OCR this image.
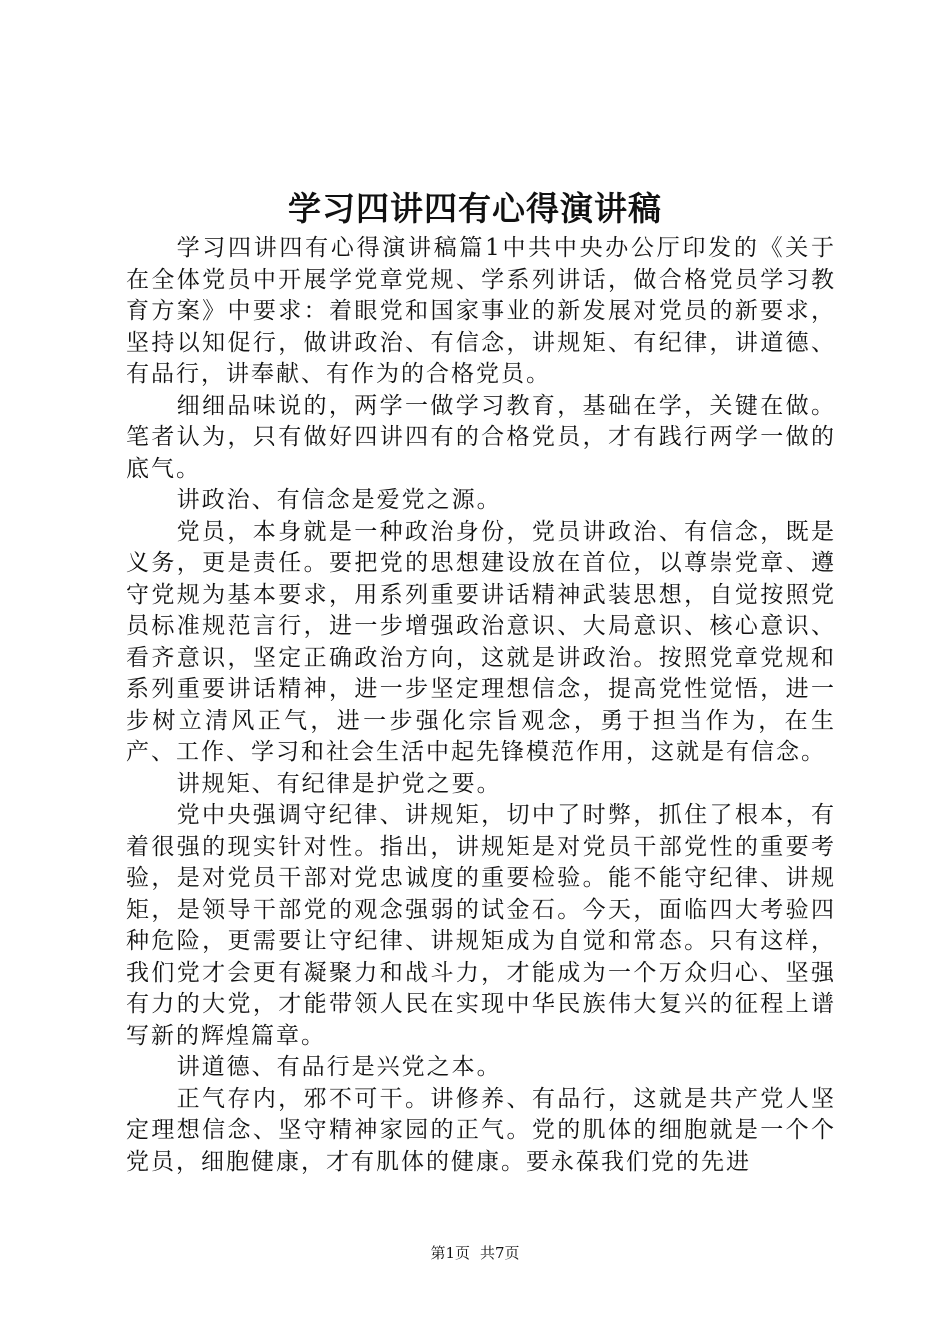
学习四讲四有心得演讲稿

学习四讲四有心得演讲稿篇1中共中央办公厅印发的《关于在全体党员中开展学党章党规、学系列讲话，做合格党员学习教育方案》中要求：着眼党和国家事业的新发展对党员的新要求，坚持以知促行，做讲政治、有信念，讲规矩、有纪律，讲道德、有品行，讲奉献、有作为的合格党员。

细细品味说的，两学一做学习教育，基础在学，关键在做。笔者认为，只有做好四讲四有的合格党员，才有践行两学一做的底气。

讲政治、有信念是爱党之源。

党员，本身就是一种政治身份，党员讲政治、有信念，既是义务，更是责任。要把党的思想建设放在首位，以尊崇党章、遵守党规为基本要求，用系列重要讲话精神武装思想，自觉按照党员标准规范言行，进一步增强政治意识、大局意识、核心意识、看齐意识，坚定正确政治方向，这就是讲政治。按照党章党规和系列重要讲话精神，进一步坚定理想信念，提高党性觉悟，进一步树立清风正气，进一步强化宗旨观念，勇于担当作为，在生产、工作、学习和社会生活中起先锋模范作用，这就是有信念。

讲规矩、有纪律是护党之要。

党中央强调守纪律、讲规矩，切中了时弊，抓住了根本，有着很强的现实针对性。指出，讲规矩是对党员干部党性的重要考验，是对党员干部对党忠诚度的重要检验。能不能守纪律、讲规矩，是领导干部党的观念强弱的试金石。今天，面临四大考验四种危险，更需要让守纪律、讲规矩成为自觉和常态。只有这样，我们党才会更有凝聚力和战斗力，才能成为一个万众归心、坚强有力的大党，才能带领人民在实现中华民族伟大复兴的征程上谱写新的辉煌篇章。

讲道德、有品行是兴党之本。

正气存内，邪不可干。讲修养、有品行，这就是共产党人坚定理想信念、坚守精神家园的正气。党的肌体的细胞就是一个个党员，细胞健康，才有肌体的健康。要永葆我们党的先进

第1页 共7页
